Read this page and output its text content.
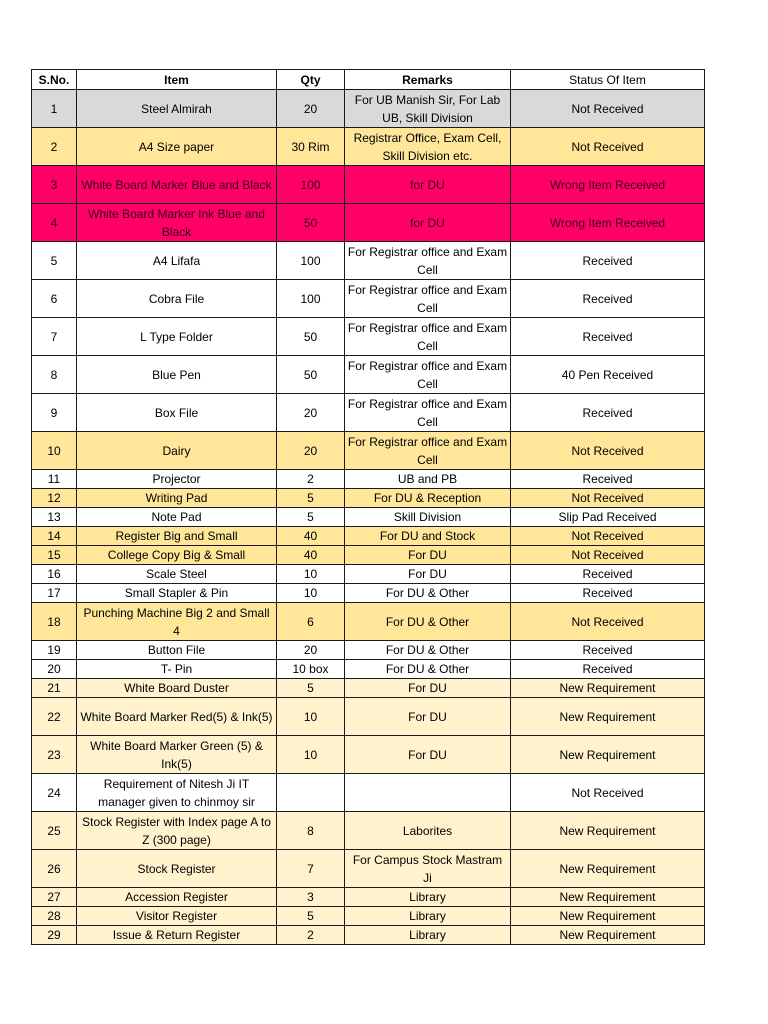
S.No.	Item	Qty	Remarks	Status Of Item
1	Steel Almirah	20	For UB Manish Sir, For Lab UB, Skill Division	Not Received
2	A4 Size paper	30 Rim	Registrar Office, Exam Cell, Skill Division etc.	Not Received
3	White Board Marker Blue and Black	100	for DU	Wrong Item Received
4	White Board Marker Ink Blue and Black	50	for DU	Wrong Item Received
5	A4 Lifafa	100	For Registrar office and Exam Cell	Received
6	Cobra File	100	For Registrar office and Exam Cell	Received
7	L Type Folder	50	For Registrar office and Exam Cell	Received
8	Blue Pen	50	For Registrar office and Exam Cell	40 Pen Received
9	Box File	20	For Registrar office and Exam Cell	Received
10	Dairy	20	For Registrar office and Exam Cell	Not Received
11	Projector	2	UB and PB	Received
12	Writing Pad	5	For DU & Reception	Not Received
13	Note Pad	5	Skill Division	Slip Pad Received
14	Register Big and Small	40	For DU and Stock	Not Received
15	College Copy Big & Small	40	For DU	Not Received
16	Scale Steel	10	For DU	Received
17	Small Stapler & Pin	10	For DU & Other	Received
18	Punching Machine Big 2 and Small 4	6	For DU & Other	Not Received
19	Button File	20	For DU & Other	Received
20	T- Pin	10 box	For DU & Other	Received
21	White Board Duster	5	For DU	New Requirement
22	White Board Marker Red(5) & Ink(5)	10	For DU	New Requirement
23	White Board Marker Green (5) & Ink(5)	10	For DU	New Requirement
24	Requirement of Nitesh Ji IT manager given to chinmoy sir			Not Received
25	Stock Register with Index page A to Z (300 page)	8	Laborites	New Requirement
26	Stock Register	7	For Campus Stock Mastram Ji	New Requirement
27	Accession Register	3	Library	New Requirement
28	Visitor Register	5	Library	New Requirement
29	Issue & Return Register	2	Library	New Requirement
